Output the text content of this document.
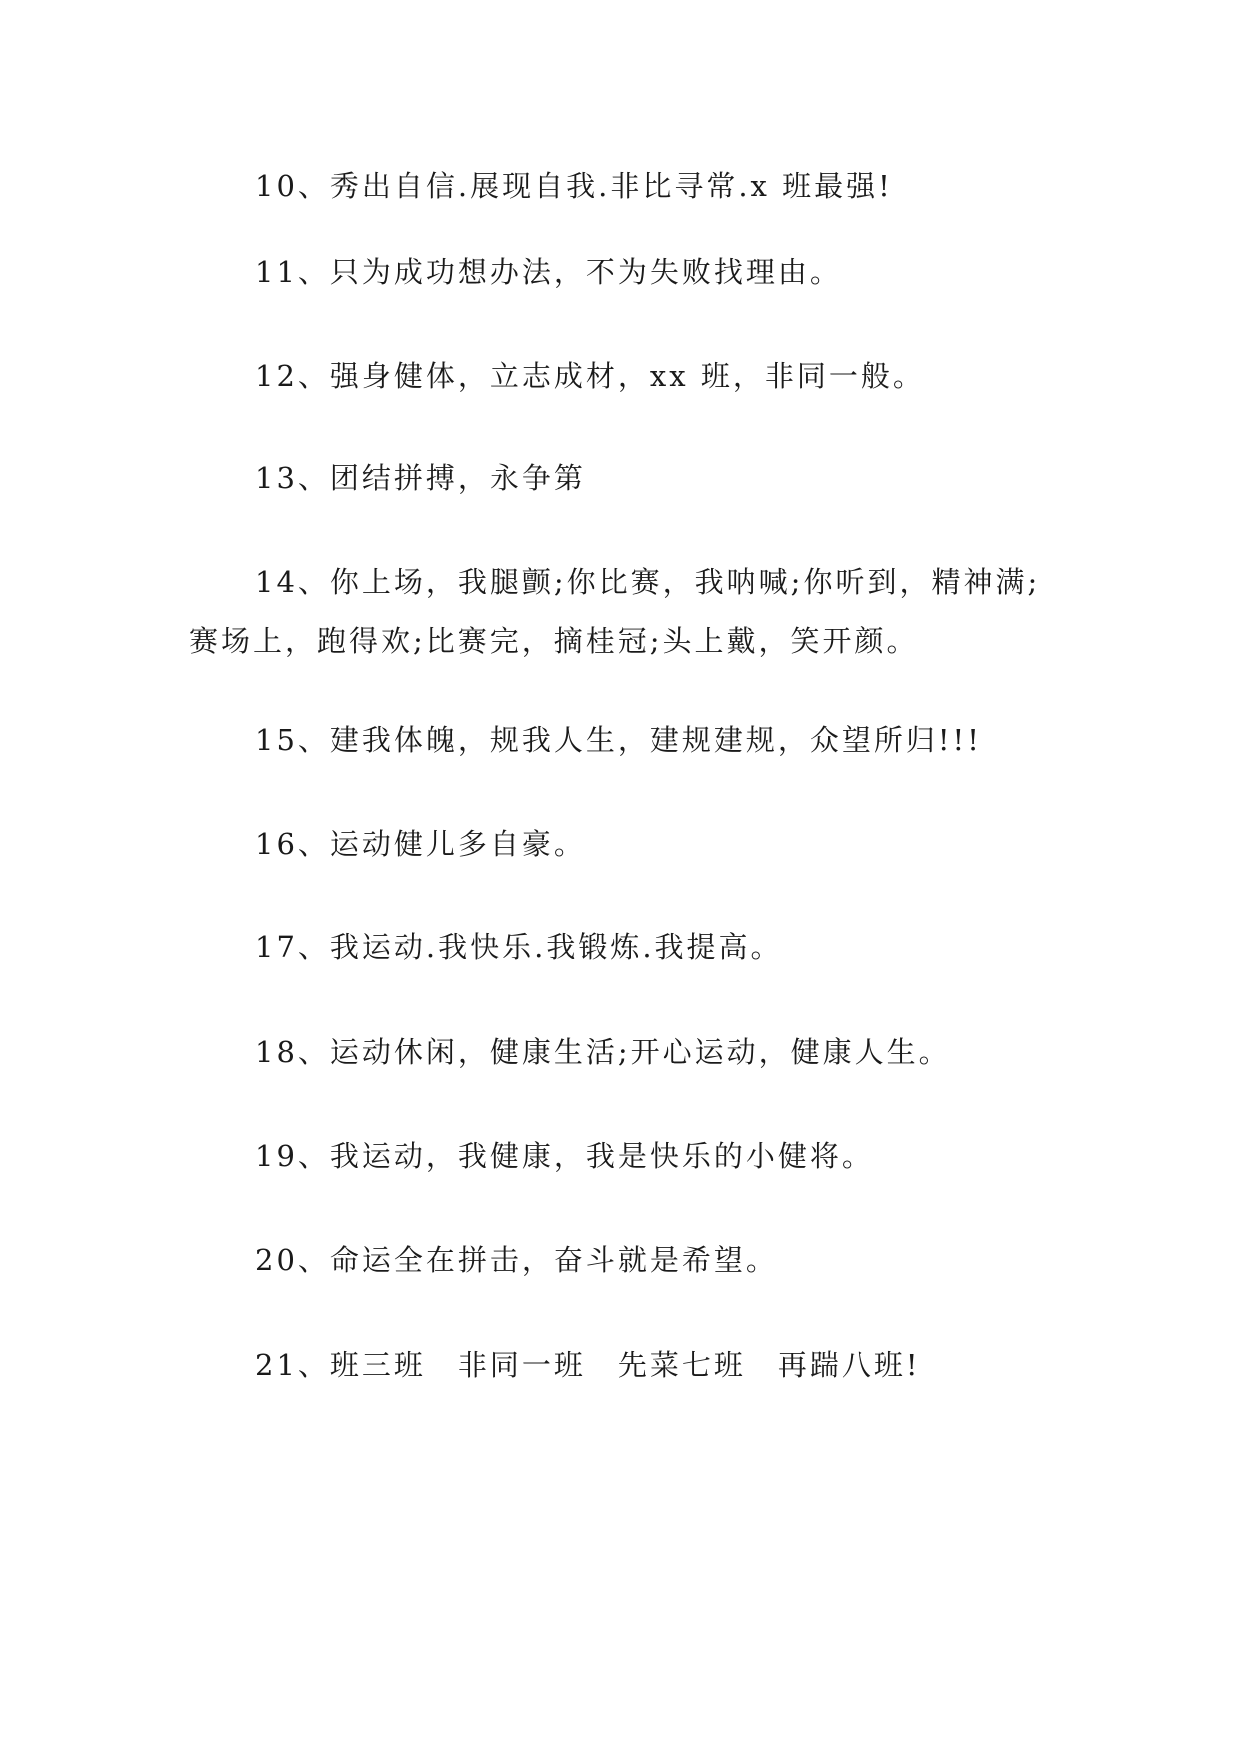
10、秀出自信.展现自我.非比寻常.x 班最强!

11、只为成功想办法，不为失败找理由。

12、强身健体，立志成材，xx 班，非同一般。

13、团结拼搏，永争第

14、你上场，我腿颤;你比赛，我呐喊;你听到，精神满;
赛场上，跑得欢;比赛完，摘桂冠;头上戴，笑开颜。

15、建我体魄，规我人生，建规建规，众望所归!!!

16、运动健儿多自豪。

17、我运动.我快乐.我锻炼.我提高。

18、运动休闲，健康生活;开心运动，健康人生。

19、我运动，我健康，我是快乐的小健将。

20、命运全在拼击，奋斗就是希望。

21、班三班　非同一班　先菜七班　再踹八班!
